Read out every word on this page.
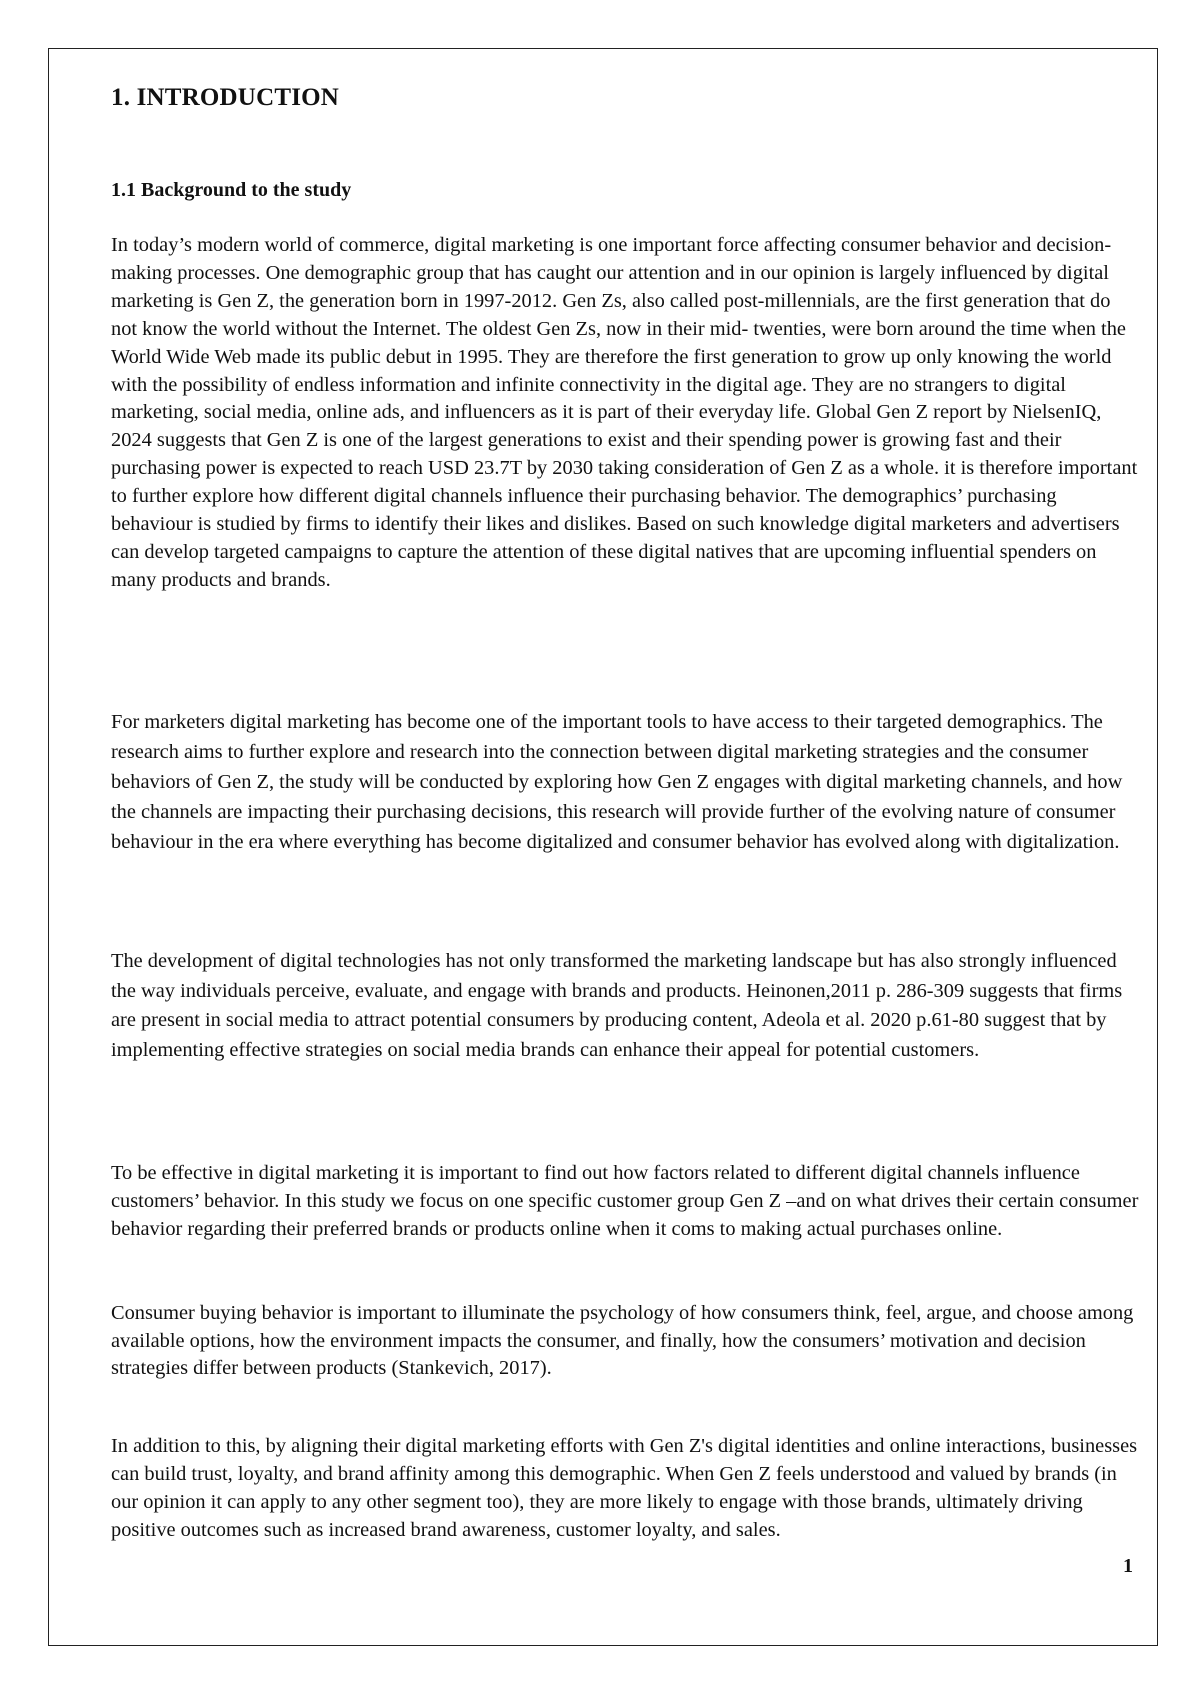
1. INTRODUCTION
1.1 Background to the study

In today’s modern world of commerce, digital marketing is one important force affecting consumer behavior and decision-making processes. One demographic group that has caught our attention and in our opinion is largely influenced by digital marketing is Gen Z, the generation born in 1997-2012. Gen Zs, also called post-millennials, are the first generation that do not know the world without the Internet. The oldest Gen Zs, now in their mid- twenties, were born around the time when the World Wide Web made its public debut in 1995. They are therefore the first generation to grow up only knowing the world with the possibility of endless information and infinite connectivity in the digital age. They are no strangers to digital marketing, social media, online ads, and influencers as it is part of their everyday life. Global Gen Z report by NielsenIQ, 2024 suggests that Gen Z is one of the largest generations to exist and their spending power is growing fast and their purchasing power is expected to reach USD 23.7T by 2030 taking consideration of Gen Z as a whole. it is therefore important to further explore how different digital channels influence their purchasing behavior. The demographics’ purchasing behaviour is studied by firms to identify their likes and dislikes. Based on such knowledge digital marketers and advertisers can develop targeted campaigns to capture the attention of these digital natives that are upcoming influential spenders on many products and brands.

For marketers digital marketing has become one of the important tools to have access to their targeted demographics. The research aims to further explore and research into the connection between digital marketing strategies and the consumer behaviors of Gen Z, the study will be conducted by exploring how Gen Z engages with digital marketing channels, and how the channels are impacting their purchasing decisions, this research will provide further of the evolving nature of consumer behaviour in the era where everything has become digitalized and consumer behavior has evolved along with digitalization.

The development of digital technologies has not only transformed the marketing landscape but has also strongly influenced the way individuals perceive, evaluate, and engage with brands and products. Heinonen,2011 p. 286-309 suggests that firms are present in social media to attract potential consumers by producing content, Adeola et al. 2020 p.61-80 suggest that by implementing effective strategies on social media brands can enhance their appeal for potential customers.

To be effective in digital marketing it is important to find out how factors related to different digital channels influence customers’ behavior. In this study we focus on one specific customer group Gen Z –and on what drives their certain consumer behavior regarding their preferred brands or products online when it coms to making actual purchases online.

Consumer buying behavior is important to illuminate the psychology of how consumers think, feel, argue, and choose among available options, how the environment impacts the consumer, and finally, how the consumers’ motivation and decision strategies differ between products (Stankevich, 2017).

In addition to this, by aligning their digital marketing efforts with Gen Z's digital identities and online interactions, businesses can build trust, loyalty, and brand affinity among this demographic. When Gen Z feels understood and valued by brands (in our opinion it can apply to any other segment too), they are more likely to engage with those brands, ultimately driving positive outcomes such as increased brand awareness, customer loyalty, and sales.

1
